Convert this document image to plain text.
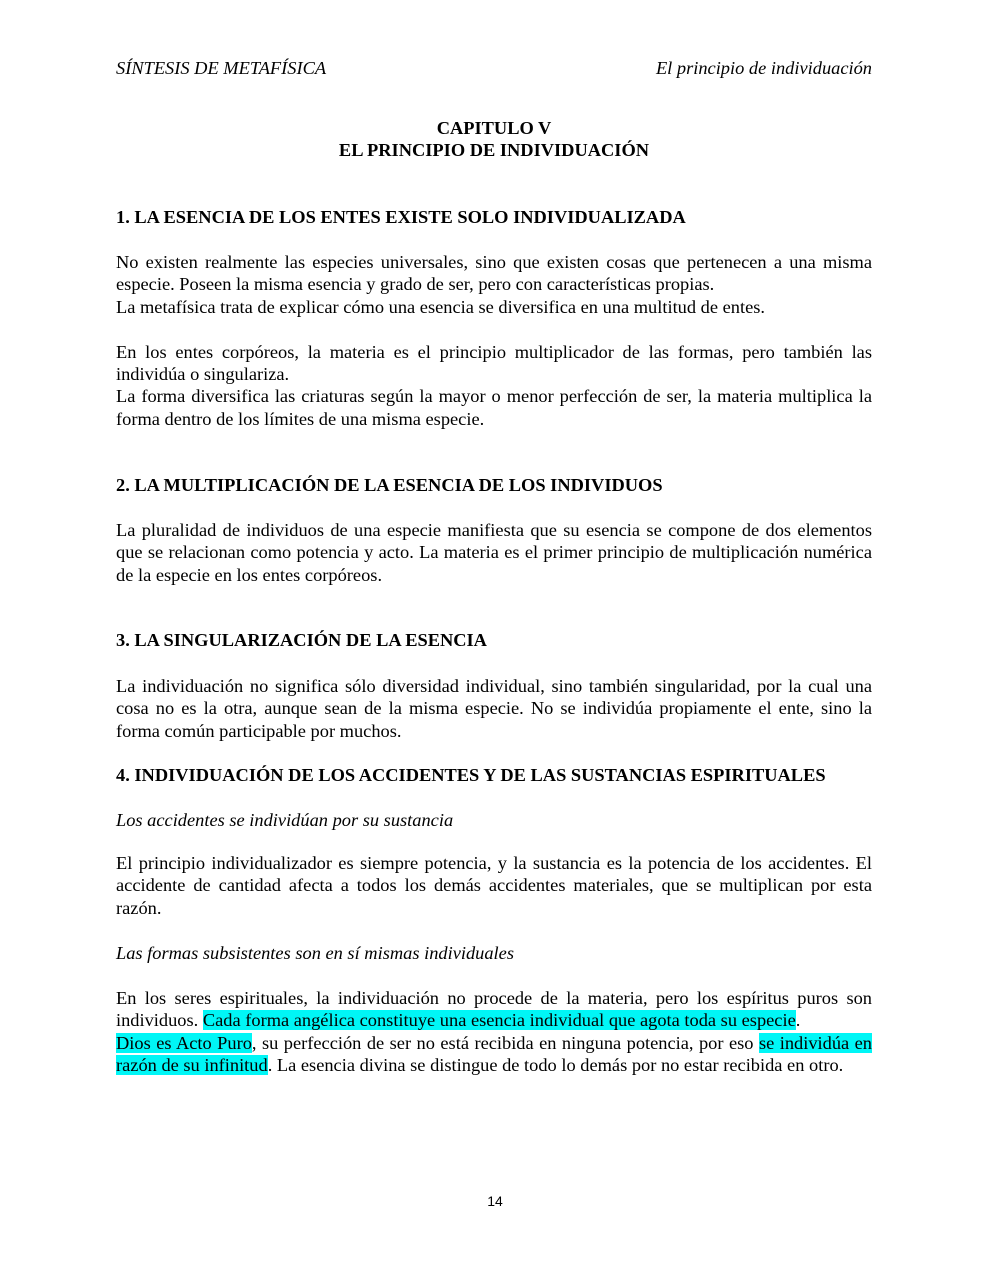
SÍNTESIS DE METAFÍSICA	El principio de individuación
CAPITULO V
EL PRINCIPIO DE INDIVIDUACIÓN
1. LA ESENCIA DE LOS ENTES EXISTE SOLO INDIVIDUALIZADA

No existen realmente las especies universales, sino que existen cosas que pertenecen a una misma especie. Poseen la misma esencia y grado de ser, pero con características propias.

La metafísica trata de explicar cómo una esencia se diversifica en una multitud de entes.

En los entes corpóreos, la materia es el principio multiplicador de las formas, pero también las individúa o singulariza.

La forma diversifica las criaturas según la mayor o menor perfección de ser, la materia multiplica la forma dentro de los límites de una misma especie.

2. LA MULTIPLICACIÓN DE LA ESENCIA DE LOS INDIVIDUOS

La pluralidad de individuos de una especie manifiesta que su esencia se compone de dos elementos que se relacionan como potencia y acto. La materia es el primer principio de multiplicación numérica de la especie en los entes corpóreos.

3. LA SINGULARIZACIÓN DE LA ESENCIA

La individuación no significa sólo diversidad individual, sino también singularidad, por la cual una cosa no es la otra, aunque sean de la misma especie. No se individúa propiamente el ente, sino la forma común participable por muchos.

4. INDIVIDUACIÓN DE LOS ACCIDENTES Y DE LAS SUSTANCIAS ESPIRITUALES
Los accidentes se individúan por su sustancia

El principio individualizador es siempre potencia, y la sustancia es la potencia de los accidentes. El accidente de cantidad afecta a todos los demás accidentes materiales, que se multiplican por esta razón.

Las formas subsistentes son en sí mismas individuales

En los seres espirituales, la individuación no procede de la materia, pero los espíritus puros son individuos. Cada forma angélica constituye una esencia individual que agota toda su especie.

Dios es Acto Puro, su perfección de ser no está recibida en ninguna potencia, por eso se individúa en razón de su infinitud. La esencia divina se distingue de todo lo demás por no estar recibida en otro.

14
